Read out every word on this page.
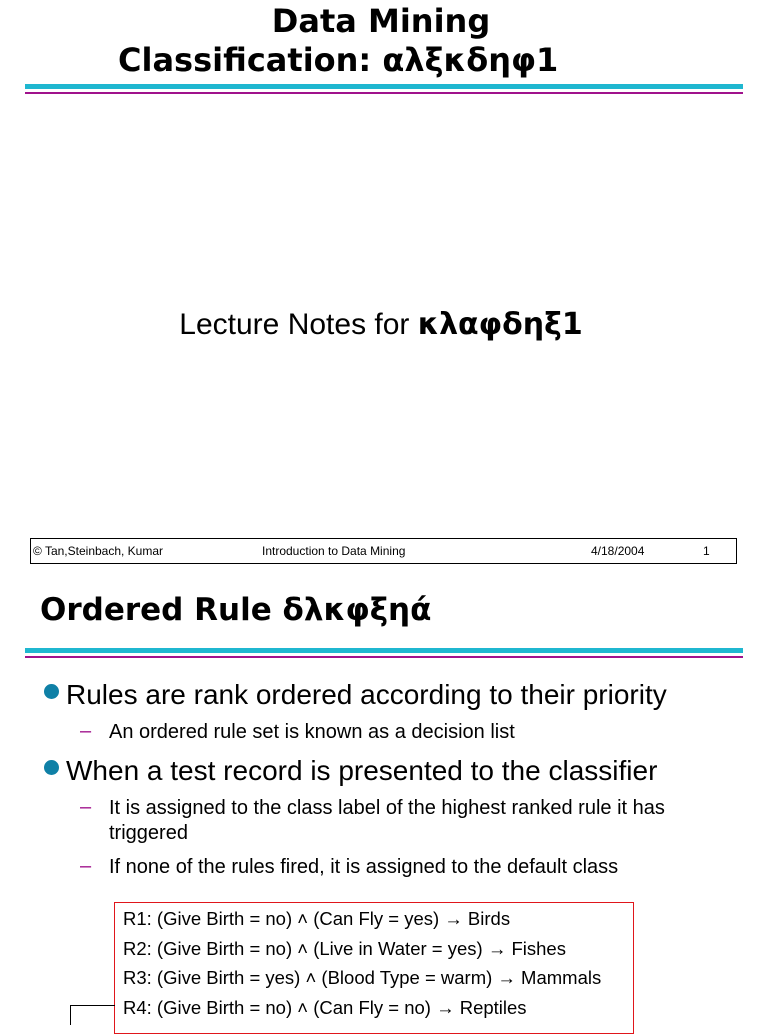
Data Mining
Classification: αλξκδηφ1
Lecture Notes for κλαφδηξ1
© Tan,Steinbach, Kumar	Introduction to Data Mining	4/18/2004	1
Ordered Rule δλκφξηά
Rules are rank ordered according to their priority
– An ordered rule set is known as a decision list
When a test record is presented to the classifier
– It is assigned to the class label of the highest ranked rule it has triggered
– If none of the rules fired, it is assigned to the default class
R1: (Give Birth = no) ˄ (Can Fly = yes) → Birds
R2: (Give Birth = no) ˄ (Live in Water = yes) → Fishes
R3: (Give Birth = yes) ˄ (Blood Type = warm) → Mammals
R4: (Give Birth = no) ˄ (Can Fly = no) → Reptiles
